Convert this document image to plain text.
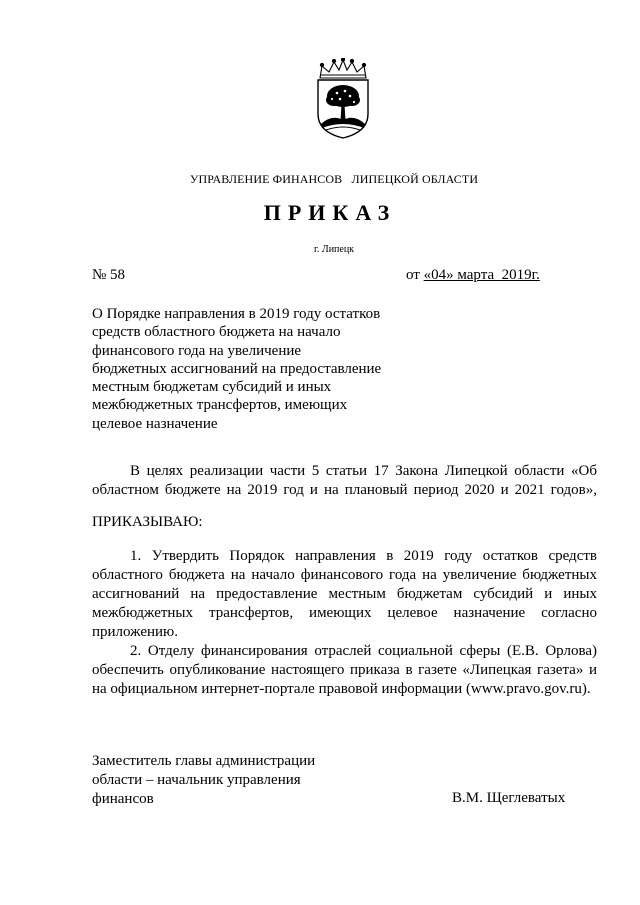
УПРАВЛЕНИЕ ФИНАНСОВ   ЛИПЕЦКОЙ ОБЛАСТИ
ПРИКАЗ
г. Липецк
№ 58	от «04» марта 2019г.
О Порядке направления в 2019 году остатков
средств областного бюджета на начало
финансового года на увеличение
бюджетных ассигнований на предоставление
местным бюджетам субсидий и иных
межбюджетных трансфертов, имеющих
целевое назначение
В целях реализации части 5 статьи 17 Закона Липецкой области «Об
областном бюджете на 2019 год и на плановый период 2020 и 2021 годов»,
ПРИКАЗЫВАЮ:
1. Утвердить Порядок направления в 2019 году остатков средств
областного бюджета на начало финансового года на увеличение бюджетных
ассигнований на предоставление местным бюджетам субсидий и иных
межбюджетных трансфертов, имеющих целевое назначение согласно
приложению.
2. Отделу финансирования отраслей социальной сферы (Е.В. Орлова)
обеспечить опубликование настоящего приказа в газете «Липецкая газета» и
на официальном интернет-портале правовой информации (www.pravo.gov.ru).
Заместитель главы администрации
области – начальник управления
финансов	В.М. Щеглеватых
